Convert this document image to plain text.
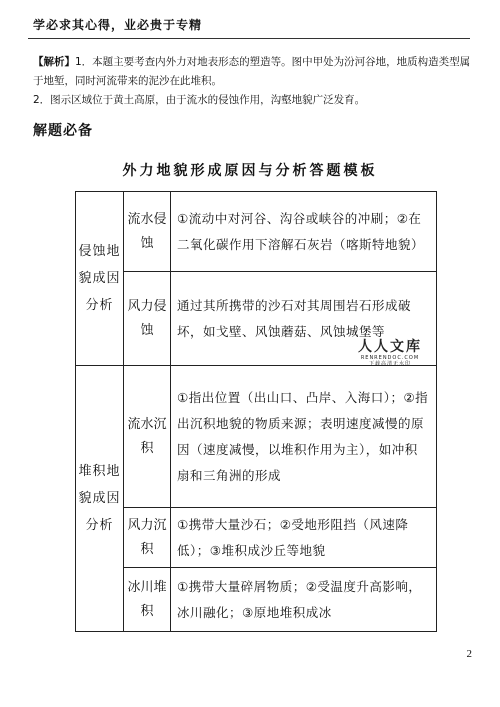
学必求其心得，业必贵于专精

【解析】1．本题主要考查内外力对地表形态的塑造等。图中甲处为汾河谷地，地质构造类型属于地堑，同时河流带来的泥沙在此堆积。

2．图示区域位于黄土高原，由于流水的侵蚀作用，沟壑地貌广泛发育。

解题必备
外力地貌形成原因与分析答题模板
侵蚀地貌成因分析	流水侵蚀	①流动中对河谷、沟谷或峡谷的冲刷；②在二氧化碳作用下溶解石灰岩（喀斯特地貌）
	风力侵蚀	通过其所携带的沙石对其周围岩石形成破坏，如戈壁、风蚀蘑菇、风蚀城堡等
人人文库
RENRENDOC.COM
下载高清无水印

堆积地貌成因分析	流水沉积	①指出位置（出山口、凸岸、入海口）；②指出沉积地貌的物质来源；表明速度减慢的原因（速度减慢，以堆积作用为主），如冲积扇和三角洲的形成
	风力沉积	①携带大量沙石；②受地形阻挡（风速降低）；③堆积成沙丘等地貌
	冰川堆积	①携带大量碎屑物质；②受温度升高影响，冰川融化；③原地堆积成冰
2
